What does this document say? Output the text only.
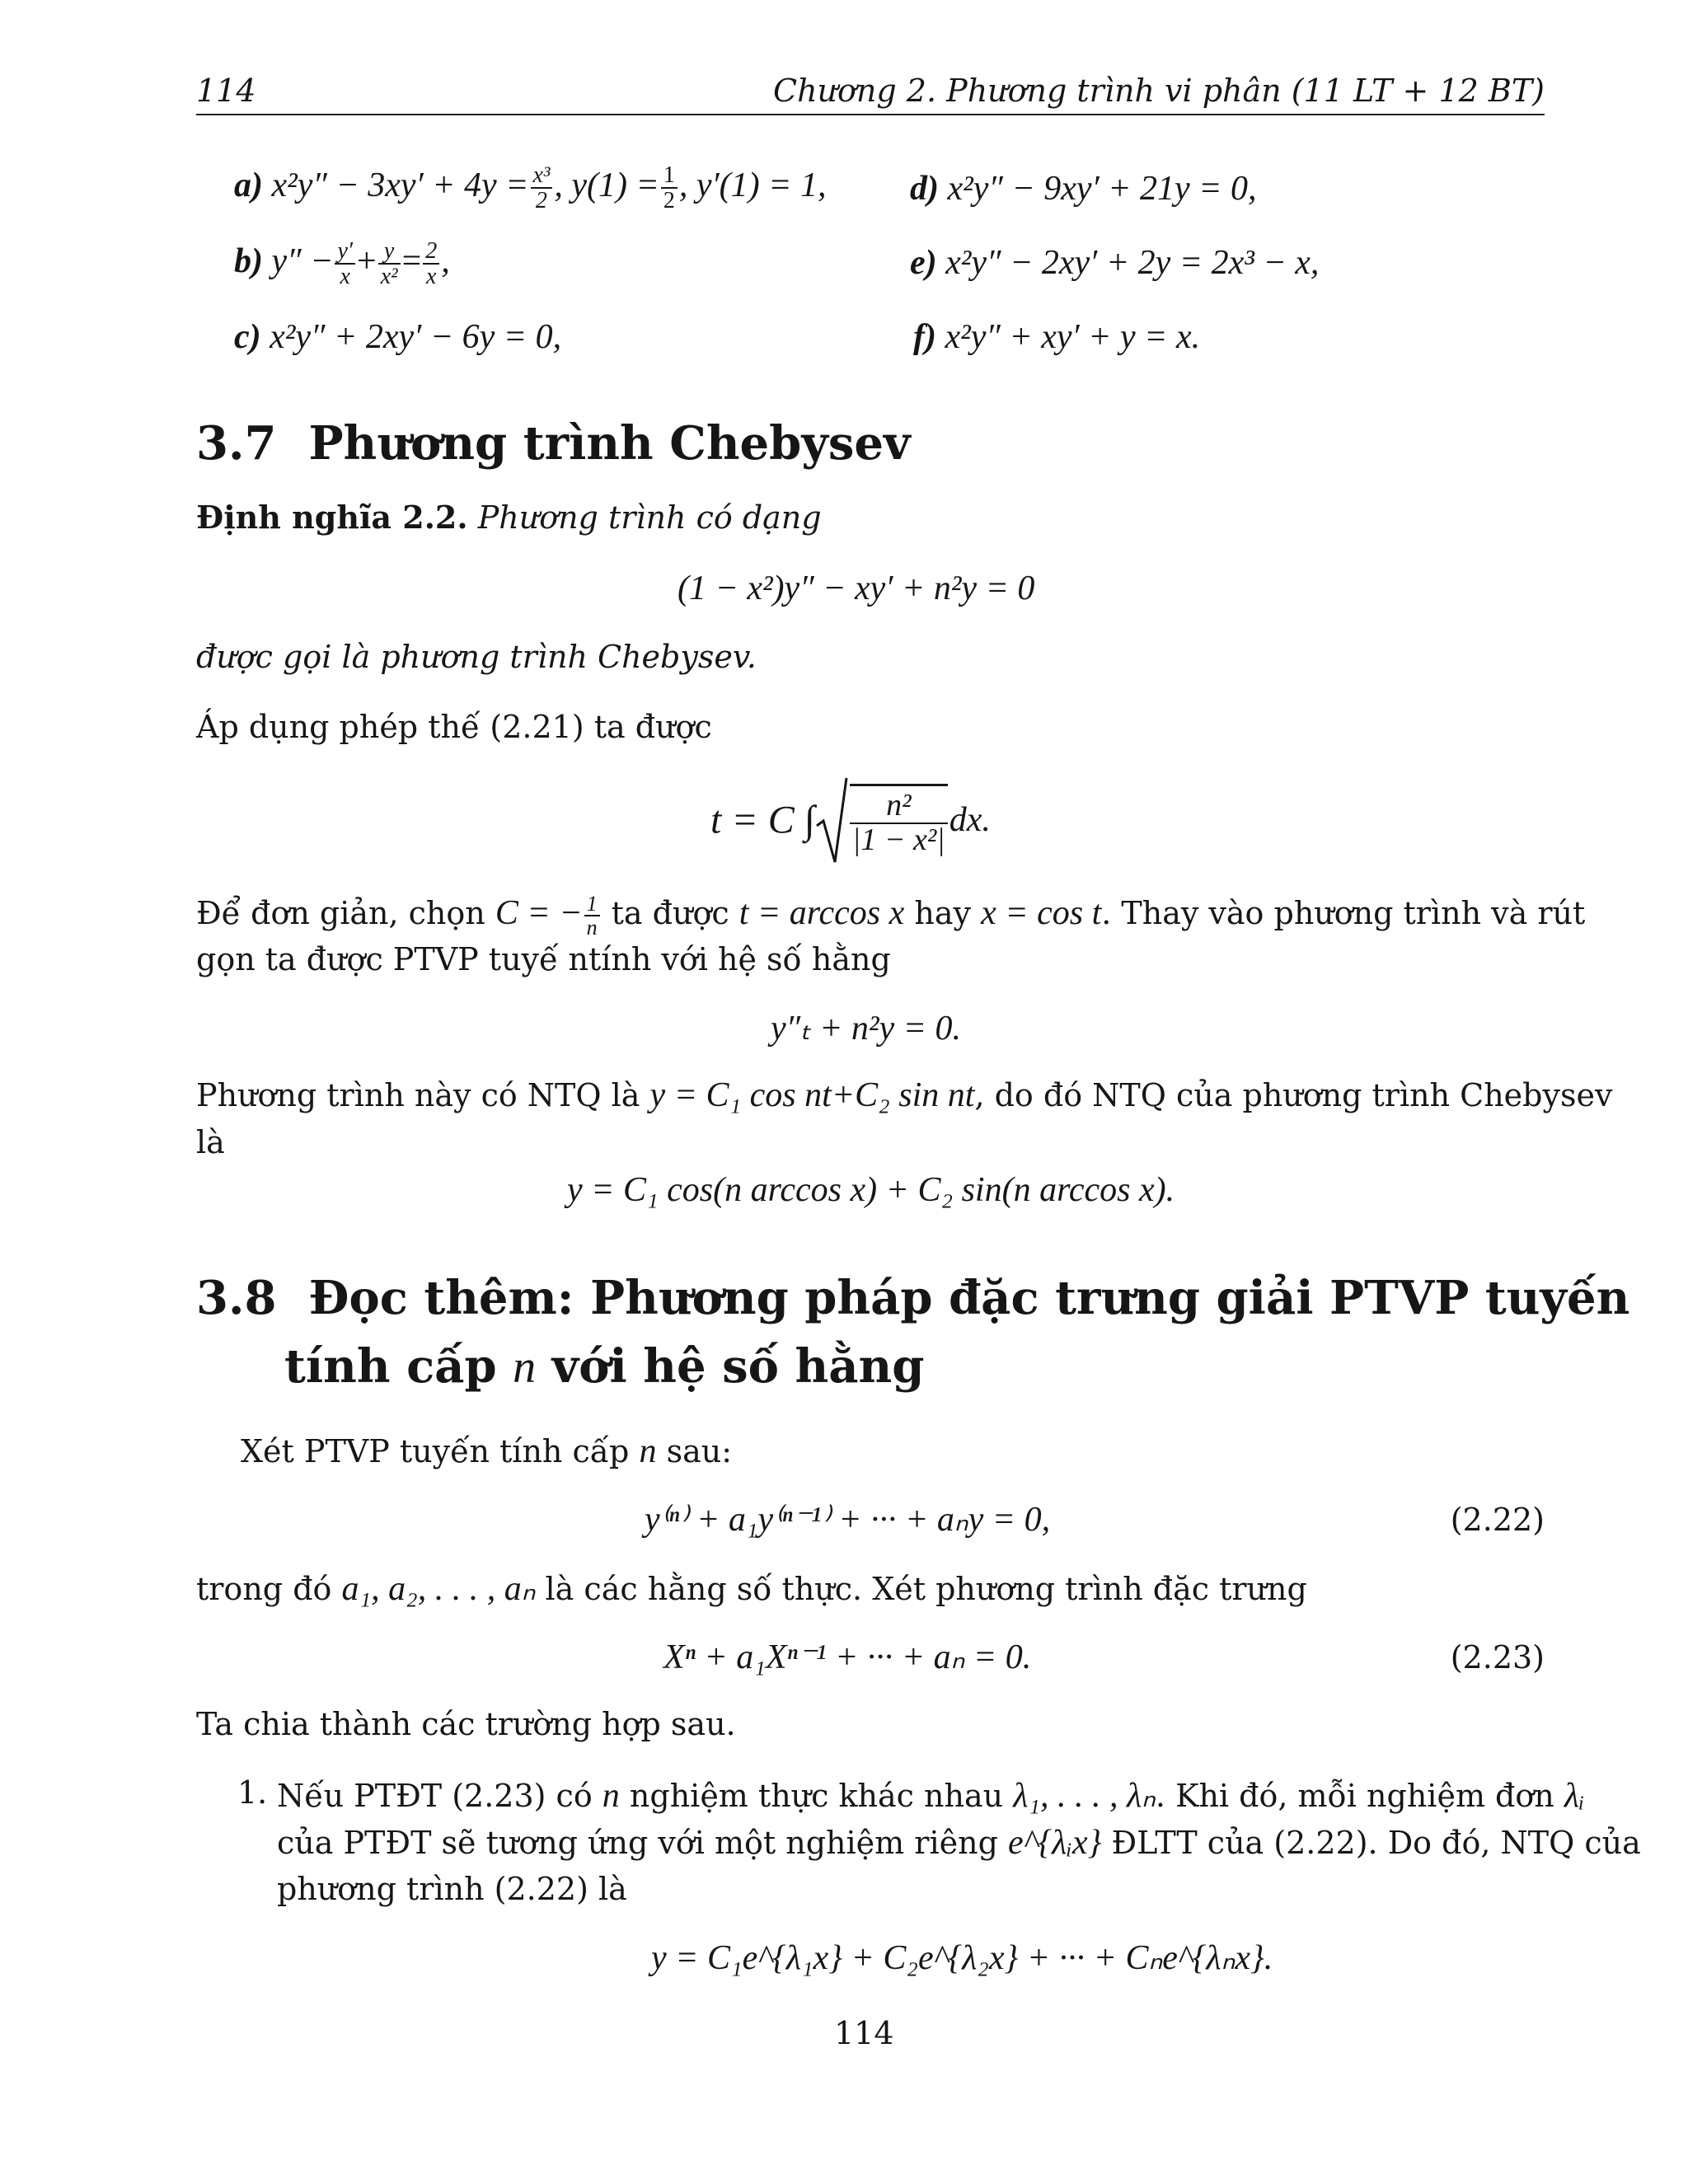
114	Chương 2. Phương trình vi phân (11 LT + 12 BT)
a) $x^2y'' - 3xy' + 4y = \frac{\text{x³}}{2}$ , $y(1) = \frac{1}{2}$ , y′(1) = 1, d) x²y″ − 9xy′ + 21y = 0,
b) $y'' - \frac{y'}{x} + \frac{y}{\text{x²}} = \frac{2}{x}$ ,	e) x²y″ − 2xy′ + 2y = 2x³ − x,
c) x²y″ + 2xy′ − 6y = 0,	f) x²y″ + xy′ + y = x.
3.7 Phương trình Chebysev
Định nghĩa 2.2. Phương trình có dạng
(1 − x²)y″ − xy′ + n²y = 0
được gọi là phương trình Chebysev.
Áp dụng phép thế (2.21) ta được
t = C ∫ $\frac{\text{n²}}{\text{|1 − x²|}}$ dx.
Để đơn giản, chọn C = − $\frac{1}{n}$ ta được t = arccos x hay x = cos t. Thay vào phương trình và rút
gọn ta được PTVP tuyế ntính với hệ số hằng
y″ₜ + n²y = 0.
Phương trình này có NTQ là y = C₁ cos nt+C₂ sin nt, do đó NTQ của phương trình Chebysev
là
y = C₁ cos(n arccos x) + C₂ sin(n arccos x).
3.8 Đọc thêm: Phương pháp đặc trưng giải PTVP tuyến
tính cấp n với hệ số hằng
Xét PTVP tuyến tính cấp n sau:
y⁽ⁿ⁾ + a₁y⁽ⁿ⁻¹⁾ + ··· + aₙy = 0,	(2.22)
trong đó a₁, a₂, . . . , aₙ là các hằng số thực. Xét phương trình đặc trưng
Xⁿ + a₁Xⁿ⁻¹ + ··· + aₙ = 0.	(2.23)
Ta chia thành các trường hợp sau.
1. Nếu PTĐT (2.23) có n nghiệm thực khác nhau λ₁, . . . , λₙ. Khi đó, mỗi nghiệm đơn λᵢ
của PTĐT sẽ tương ứng với một nghiệm riêng e^{λᵢx} ĐLTT của (2.22). Do đó, NTQ của
phương trình (2.22) là
y = C₁e^{λ₁x} + C₂e^{λ₂x} + ··· + Cₙe^{λₙx}.
114
